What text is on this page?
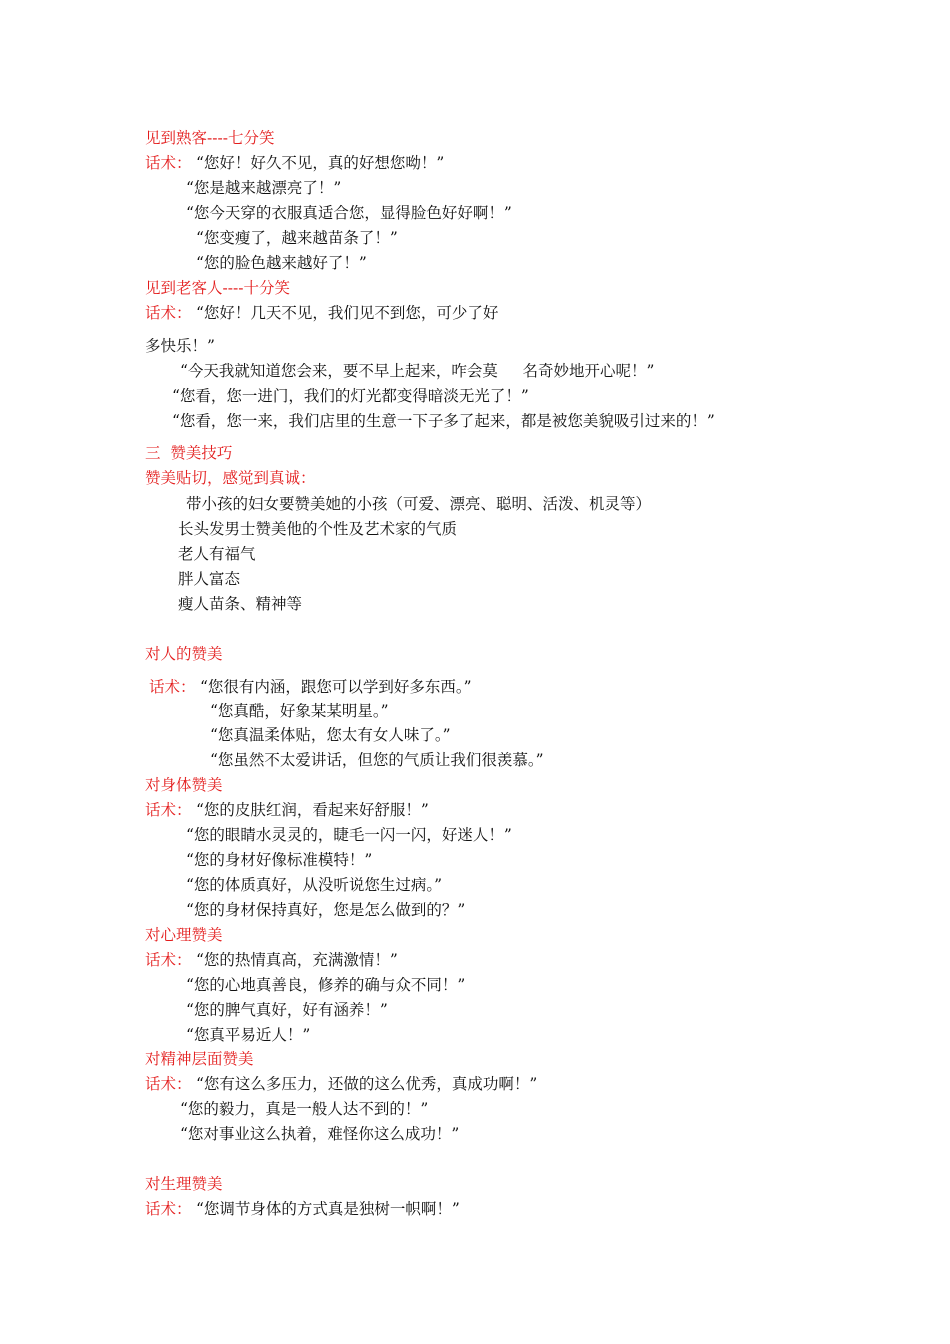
见到熟客----七分笑

话术： “您好！好久不见，真的好想您呦！”

“您是越来越漂亮了！”

“您今天穿的衣服真适合您，显得脸色好好啊！”

“您变瘦了，越来越苗条了！”

“您的脸色越来越好了！”

见到老客人----十分笑

话术： “您好！几天不见，我们见不到您，可少了好

多快乐！”

“今天我就知道您会来，要不早上起来，咋会莫     名奇妙地开心呢！”

“您看，您一进门，我们的灯光都变得暗淡无光了！”

“您看，您一来，我们店里的生意一下子多了起来，都是被您美貌吸引过来的！”

三  赞美技巧

赞美贴切，感觉到真诚：

带小孩的妇女要赞美她的小孩（可爱、漂亮、聪明、活泼、机灵等）

长头发男士赞美他的个性及艺术家的气质

老人有福气

胖人富态

瘦人苗条、精神等

对人的赞美

话术： “您很有内涵，跟您可以学到好多东西。”

“您真酷，好象某某明星。”

“您真温柔体贴，您太有女人味了。”

“您虽然不太爱讲话，但您的气质让我们很羡慕。”

对身体赞美

话术： “您的皮肤红润，看起来好舒服！”

“您的眼睛水灵灵的，睫毛一闪一闪，好迷人！”

“您的身材好像标准模特！”

“您的体质真好，从没听说您生过病。”

“您的身材保持真好，您是怎么做到的？”

对心理赞美

话术： “您的热情真高，充满激情！”

“您的心地真善良，修养的确与众不同！”

“您的脾气真好，好有涵养！”

“您真平易近人！”

对精神层面赞美

话术： “您有这么多压力，还做的这么优秀，真成功啊！”

“您的毅力，真是一般人达不到的！”

“您对事业这么执着，难怪你这么成功！”

对生理赞美

话术： “您调节身体的方式真是独树一帜啊！”
